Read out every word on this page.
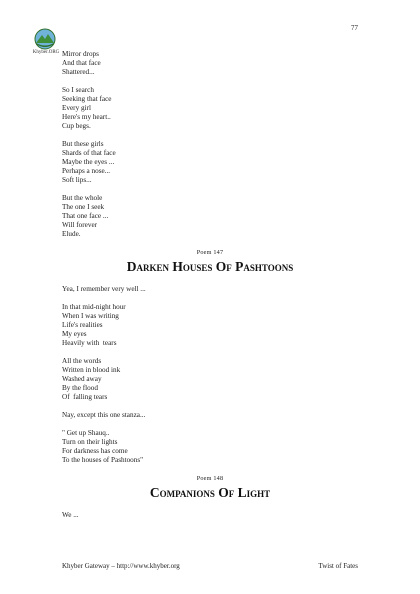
77
Khyber.ORG Mirror drops
And that face
Shattered...
So I search
Seeking that face
Every girl
Here's my heart..
Cup begs.
But these girls
Shards of that face
Maybe the eyes ...
Perhaps a nose...
Soft lips...
But the whole
The one I seek
That one face ...
Will forever
Elude.
Poem 147
Darken Houses Of Pashtoons
Yea, I remember very well ...
In that mid-night hour
When I was writing
Life's realities
My eyes
Heavily with  tears
All the words
Written in blood ink
Washed away
By the flood
Of  falling tears
Nay, except this one stanza...
" Get up Shauq..
Turn on their lights
For darkness has come
To the houses of Pashtoons"
Poem 148
Companions Of Light
We ...
Khyber Gateway – http://www.khyber.org	Twist of Fates
